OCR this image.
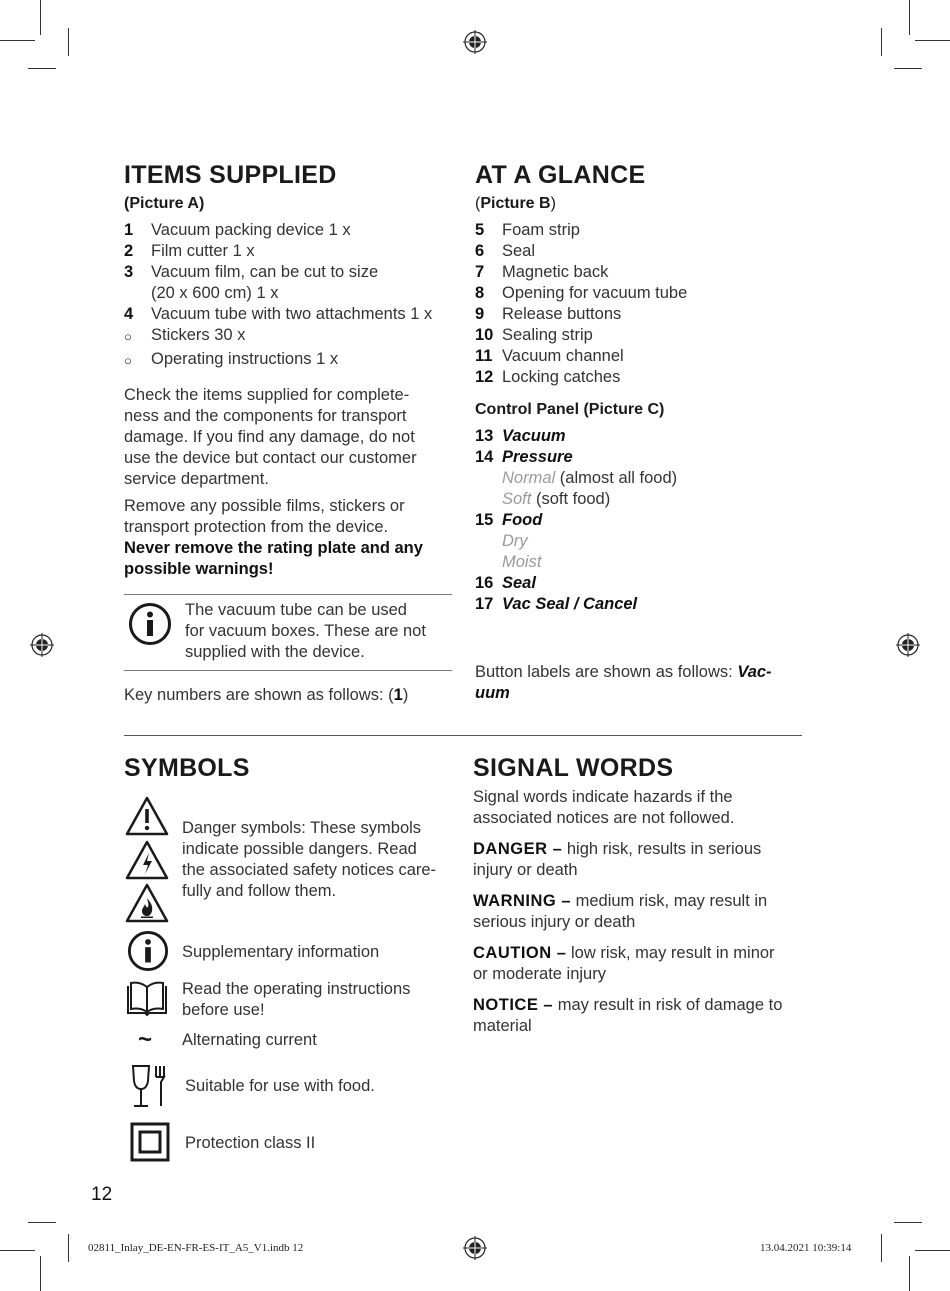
ITEMS SUPPLIED
(Picture A)
1	Vacuum packing device 1 x
2	Film cutter 1 x
3	Vacuum film, can be cut to size
(20 x 600 cm) 1 x
4	Vacuum tube with two attachments 1 x
○	Stickers 30 x
○	Operating instructions 1 x

Check the items supplied for complete-
ness and the components for transport
damage. If you find any damage, do not
use the device but contact our customer
service department.

Remove any possible films, stickers or
transport protection from the device.
Never remove the rating plate and any
possible warnings!

The vacuum tube can be used
for vacuum boxes. These are not
supplied with the device.

Key numbers are shown as follows: (1)

AT A GLANCE
(Picture B)
5	Foam strip
6	Seal
7	Magnetic back
8	Opening for vacuum tube
9	Release buttons
10 Sealing strip
11 Vacuum channel
12 Locking catches
Control Panel (Picture C)
13 Vacuum
14 Pressure
Normal (almost all food)
Soft (soft food)
15 Food
Dry
Moist
16 Seal
17 Vac Seal / Cancel

Button labels are shown as follows: Vac-
uum

SYMBOLS

Danger symbols: These symbols
indicate possible dangers. Read
the associated safety notices care-
fully and follow them.

Supplementary information

Read the operating instructions
before use!

~ Alternating current

Suitable for use with food.

Protection class II

SIGNAL WORDS

Signal words indicate hazards if the
associated notices are not followed.

DANGER – high risk, results in serious
injury or death

WARNING – medium risk, may result in
serious injury or death

CAUTION – low risk, may result in minor
or moderate injury

NOTICE – may result in risk of damage to
material

12
02811_Inlay_DE-EN-FR-ES-IT_A5_V1.indb 12	13.04.2021 10:39:14
